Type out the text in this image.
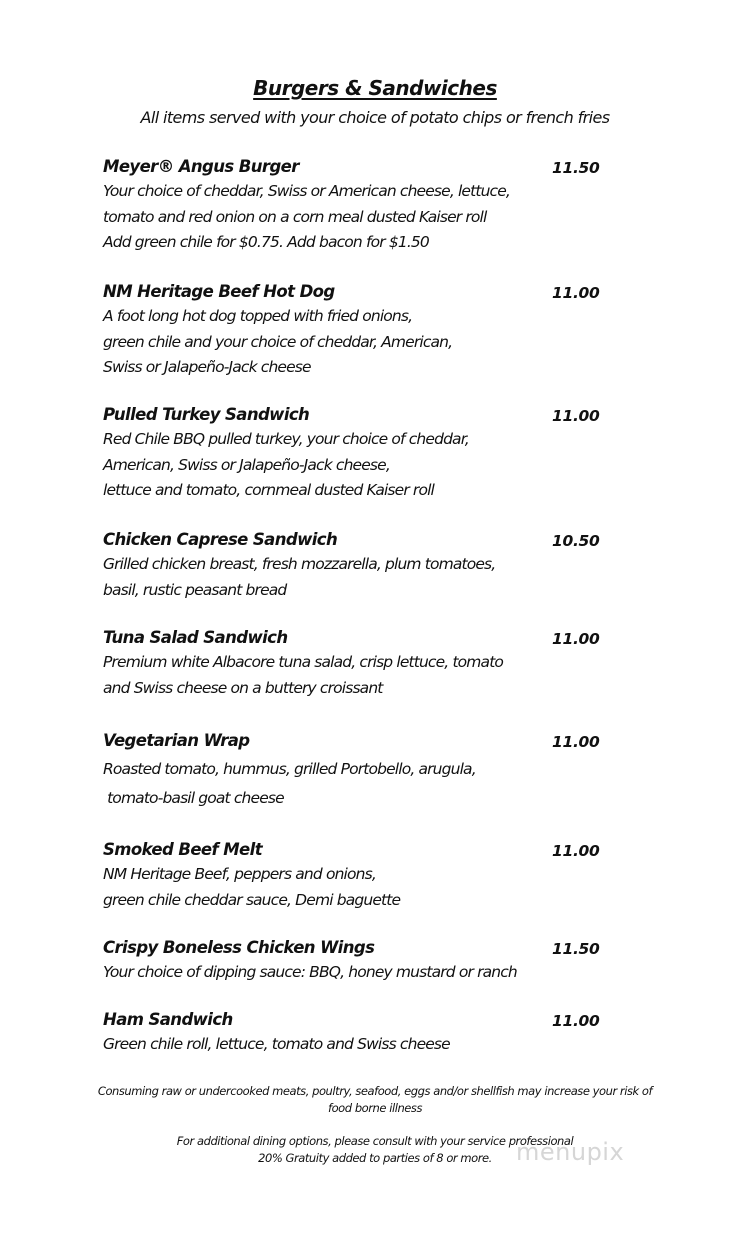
Burgers & Sandwiches
All items served with your choice of potato chips or french fries
Meyer® Angus Burger	11.50
Your choice of cheddar, Swiss or American cheese, lettuce,
tomato and red onion on a corn meal dusted Kaiser roll
Add green chile for $0.75. Add bacon for $1.50
NM Heritage Beef Hot Dog	11.00
A foot long hot dog topped with fried onions,
green chile and your choice of cheddar, American,
Swiss or Jalapeño-Jack cheese
Pulled Turkey Sandwich	11.00
Red Chile BBQ pulled turkey, your choice of cheddar,
American, Swiss or Jalapeño-Jack cheese,
lettuce and tomato, cornmeal dusted Kaiser roll
Chicken Caprese Sandwich	10.50
Grilled chicken breast, fresh mozzarella, plum tomatoes,
basil, rustic peasant bread
Tuna Salad Sandwich	11.00
Premium white Albacore tuna salad, crisp lettuce, tomato
and Swiss cheese on a buttery croissant
Vegetarian Wrap	11.00
Roasted tomato, hummus, grilled Portobello, arugula,
tomato-basil goat cheese
Smoked Beef Melt	11.00
NM Heritage Beef, peppers and onions,
green chile cheddar sauce, Demi baguette
Crispy Boneless Chicken Wings	11.50
Your choice of dipping sauce: BBQ, honey mustard or ranch
Ham Sandwich	11.00
Green chile roll, lettuce, tomato and Swiss cheese
Consuming raw or undercooked meats, poultry, seafood, eggs and/or shellfish may increase your risk of
food borne illness
For additional dining options, please consult with your service professional
20% Gratuity added to parties of 8 or more.	menupix
